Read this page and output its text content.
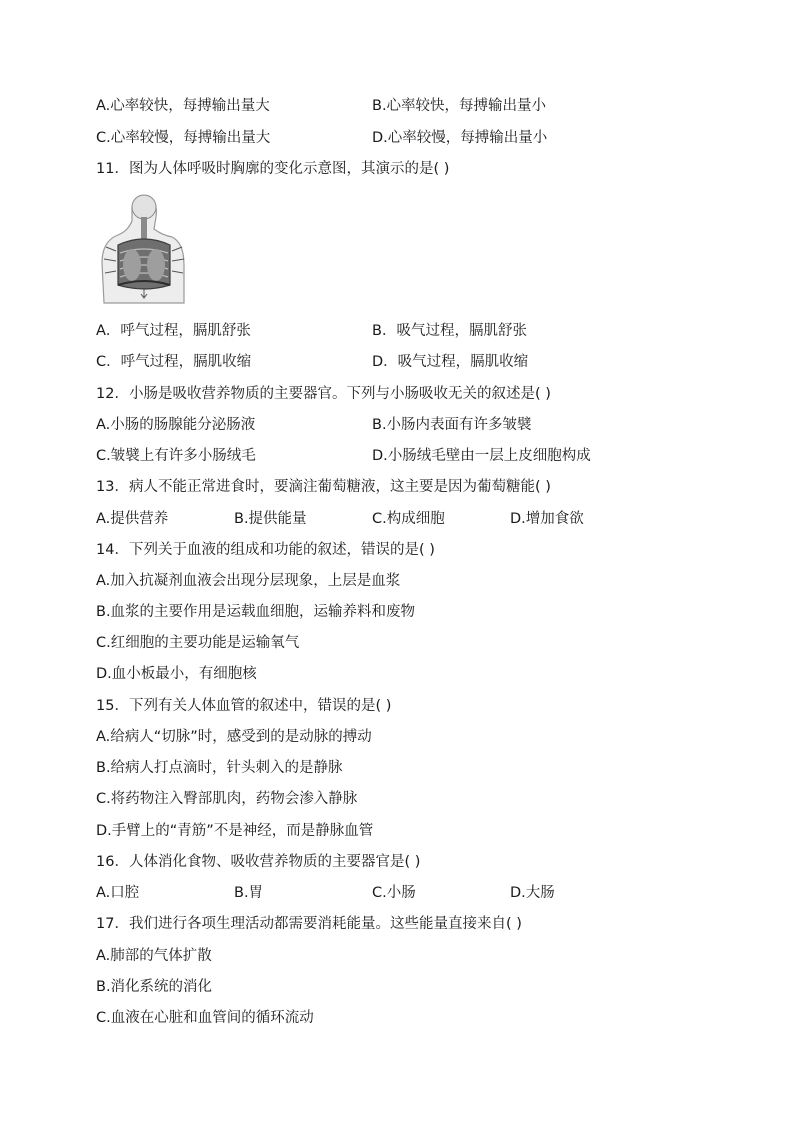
A.心率较快，每搏输出量大	B.心率较快，每搏输出量小
C.心率较慢，每搏输出量大	D.心率较慢，每搏输出量小
11．图为人体呼吸时胸廓的变化示意图，其演示的是( )
A．呼气过程，膈肌舒张	B．吸气过程，膈肌舒张
C．呼气过程，膈肌收缩	D．吸气过程，膈肌收缩
12．小肠是吸收营养物质的主要器官。下列与小肠吸收无关的叙述是( )
A.小肠的肠腺能分泌肠液	B.小肠内表面有许多皱襞
C.皱襞上有许多小肠绒毛	D.小肠绒毛壁由一层上皮细胞构成
13．病人不能正常进食时，要滴注葡萄糖液，这主要是因为葡萄糖能( )
A.提供营养	B.提供能量	C.构成细胞	D.增加食欲
14．下列关于血液的组成和功能的叙述，错误的是( )
A.加入抗凝剂血液会出现分层现象，上层是血浆
B.血浆的主要作用是运载血细胞，运输养料和废物
C.红细胞的主要功能是运输氧气
D.血小板最小，有细胞核
15．下列有关人体血管的叙述中，错误的是( )
A.给病人“切脉”时，感受到的是动脉的搏动
B.给病人打点滴时，针头刺入的是静脉
C.将药物注入臀部肌肉，药物会渗入静脉
D.手臂上的“青筋”不是神经，而是静脉血管
16．人体消化食物、吸收营养物质的主要器官是( )
A.口腔	B.胃	C.小肠	D.大肠
17．我们进行各项生理活动都需要消耗能量。这些能量直接来自( )
A.肺部的气体扩散
B.消化系统的消化
C.血液在心脏和血管间的循环流动
